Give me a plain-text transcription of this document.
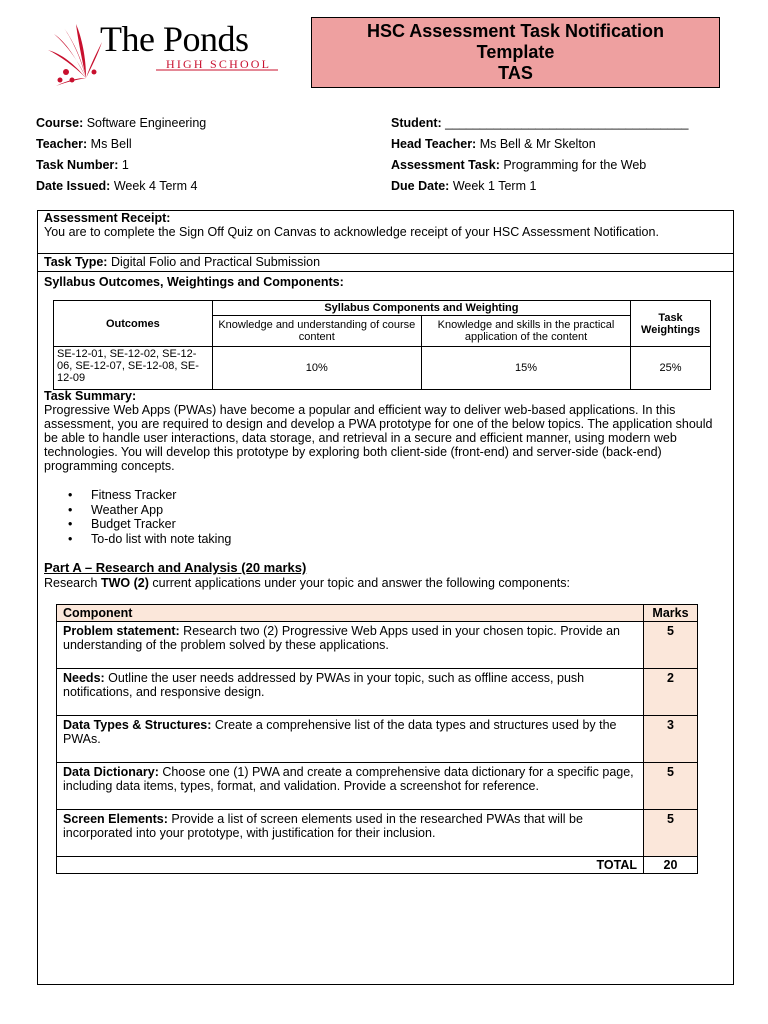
The Ponds
HIGH SCHOOL
HSC Assessment Task Notification
Template
TAS
Course: Software Engineering
Teacher: Ms Bell
Task Number: 1
Date Issued: Week 4 Term 4
Student: ___________________________________
Head Teacher: Ms Bell & Mr Skelton
Assessment Task: Programming for the Web
Due Date: Week 1 Term 1
Assessment Receipt:
You are to complete the Sign Off Quiz on Canvas to acknowledge receipt of your HSC Assessment Notification.
Task Type: Digital Folio and Practical Submission
Syllabus Outcomes, Weightings and Components:
Outcomes	Syllabus Components and Weighting		Task Weightings
	Knowledge and understanding of course content	Knowledge and skills in the practical application of the content	
SE-12-01, SE-12-02, SE-12-06, SE-12-07, SE-12-08, SE-12-09	10%	15%	25%
Task Summary:
Progressive Web Apps (PWAs) have become a popular and efficient way to deliver web-based applications. In this assessment, you are required to design and develop a PWA prototype for one of the below topics. The application should be able to handle user interactions, data storage, and retrieval in a secure and efficient manner, using modern web technologies. You will develop this prototype by exploring both client-side (front-end) and server-side (back-end) programming concepts.
• Fitness Tracker
• Weather App
• Budget Tracker
• To-do list with note taking
Part A – Research and Analysis (20 marks)
Research TWO (2) current applications under your topic and answer the following components:
Component	Marks
Problem statement: Research two (2) Progressive Web Apps used in your chosen topic. Provide an understanding of the problem solved by these applications.	5
Needs: Outline the user needs addressed by PWAs in your topic, such as offline access, push notifications, and responsive design.	2
Data Types & Structures: Create a comprehensive list of the data types and structures used by the PWAs.	3
Data Dictionary: Choose one (1) PWA and create a comprehensive data dictionary for a specific page, including data items, types, format, and validation. Provide a screenshot for reference.	5
Screen Elements: Provide a list of screen elements used in the researched PWAs that will be incorporated into your prototype, with justification for their inclusion.	5
TOTAL	20
